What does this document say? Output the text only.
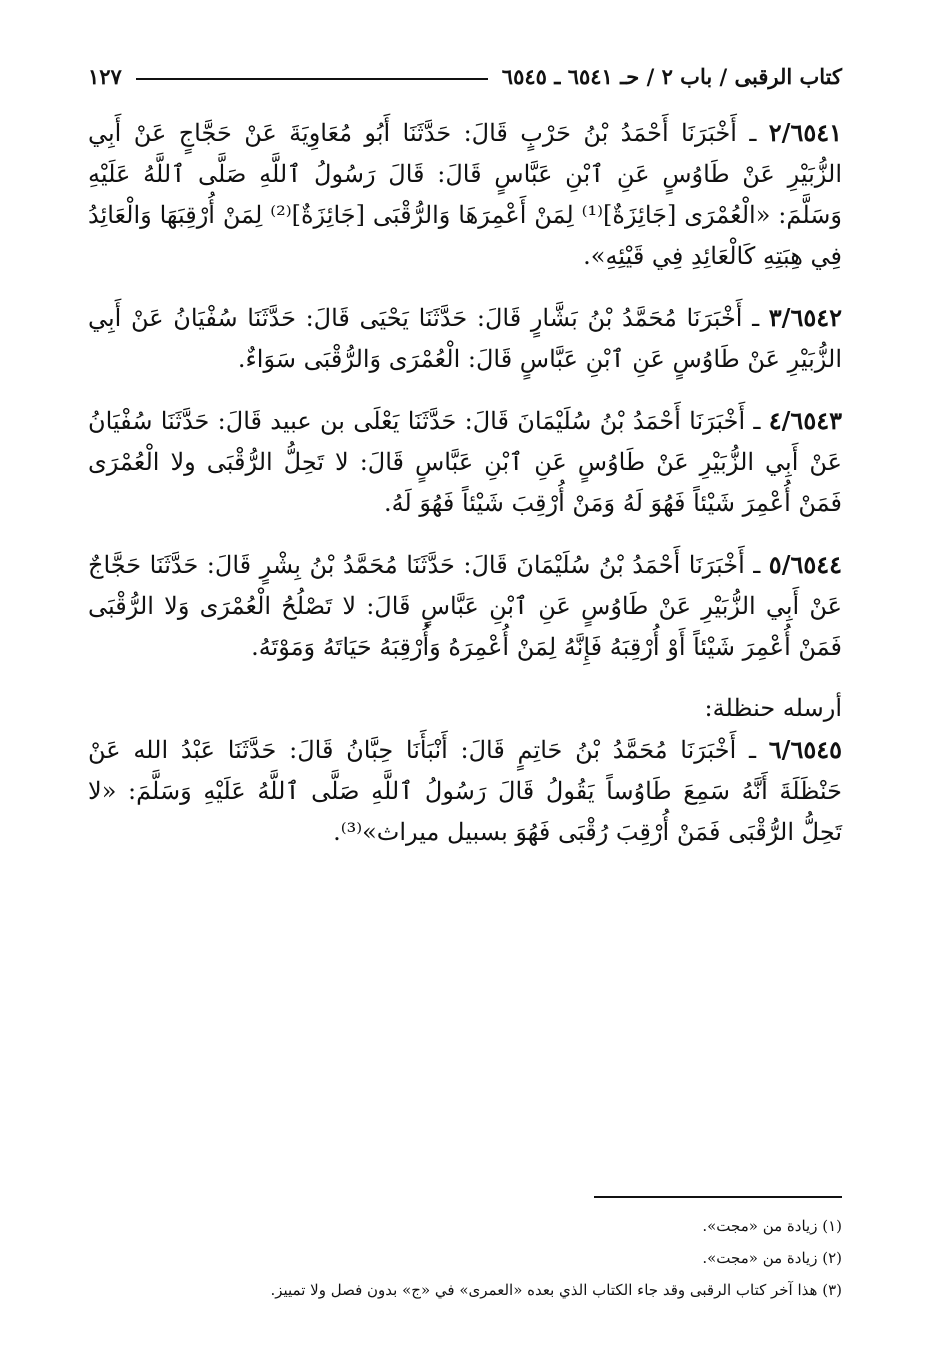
كتاب الرقبى / باب ٢ / حـ ٦٥٤١ ـ ٦٥٤٥
١٢٧

٢/٦٥٤١ ـ أَخْبَرَنَا أَحْمَدُ بْنُ حَرْبٍ قَالَ: حَدَّثَنَا أَبُو مُعَاوِيَةَ عَنْ حَجَّاجٍ عَنْ أَبِي الزُّبَيْرِ عَنْ طَاوُسٍ عَنِ ٱبْنِ عَبَّاسٍ قَالَ: قَالَ رَسُولُ ٱللَّهِ صَلَّى ٱللَّهُ عَلَيْهِ وَسَلَّمَ: «الْعُمْرَى [جَائِزَةٌ]⁽¹⁾ لِمَنْ أَعْمِرَهَا وَالرُّقْبَى [جَائِزَةٌ]⁽²⁾ لِمَنْ أُرْقِبَهَا وَالْعَائِدُ فِي هِبَتِهِ كَالْعَائِدِ فِي قَيْئِهِ».

٣/٦٥٤٢ ـ أَخْبَرَنَا مُحَمَّدُ بْنُ بَشَّارٍ قَالَ: حَدَّثَنَا يَحْيَى قَالَ: حَدَّثَنَا سُفْيَانُ عَنْ أَبِي الزُّبَيْرِ عَنْ طَاوُسٍ عَنِ ٱبْنِ عَبَّاسٍ قَالَ: الْعُمْرَى وَالرُّقْبَى سَوَاءٌ.

٤/٦٥٤٣ ـ أَخْبَرَنَا أَحْمَدُ بْنُ سُلَيْمَانَ قَالَ: حَدَّثَنَا يَعْلَى بن عبيد قَالَ: حَدَّثَنَا سُفْيَانُ عَنْ أَبِي الزُّبَيْرِ عَنْ طَاوُسٍ عَنِ ٱبْنِ عَبَّاسٍ قَالَ: لا تَحِلُّ الرُّقْبَى ولا الْعُمْرَى فَمَنْ أُعْمِرَ شَيْئاً فَهُوَ لَهُ وَمَنْ أُرْقِبَ شَيْئاً فَهُوَ لَهُ.

٥/٦٥٤٤ ـ أَخْبَرَنَا أَحْمَدُ بْنُ سُلَيْمَانَ قَالَ: حَدَّثَنَا مُحَمَّدُ بْنُ بِشْرٍ قَالَ: حَدَّثَنَا حَجَّاجٌ عَنْ أَبِي الزُّبَيْرِ عَنْ طَاوُسٍ عَنِ ٱبْنِ عَبَّاسٍ قَالَ: لا تَصْلُحُ الْعُمْرَى وَلا الرُّقْبَى فَمَنْ أُعْمِرَ شَيْئاً أَوْ أُرْقِبَهُ فَإِنَّهُ لِمَنْ أُعْمِرَهُ وَأُرْقِبَهُ حَيَاتَهُ وَمَوْتَهُ.

أرسله حنظلة:

٦/٦٥٤٥ ـ أَخْبَرَنَا مُحَمَّدُ بْنُ حَاتِمٍ قَالَ: أَنْبَأَنَا حِبَّانُ قَالَ: حَدَّثَنَا عَبْدُ الله عَنْ حَنْظَلَةَ أَنَّهُ سَمِعَ طَاوُساً يَقُولُ قَالَ رَسُولُ ٱللَّهِ صَلَّى ٱللَّهُ عَلَيْهِ وَسَلَّمَ: «لا تَحِلُّ الرُّقْبَى فَمَنْ أُرْقِبَ رُقْبَى فَهُوَ بسبيل ميراث»⁽³⁾.

(١) زيادة من «مجت».

(٢) زيادة من «مجت».

(٣) هذا آخر كتاب الرقبى وقد جاء الكتاب الذي بعده «العمرى» في «ج» بدون فصل ولا تمييز.
